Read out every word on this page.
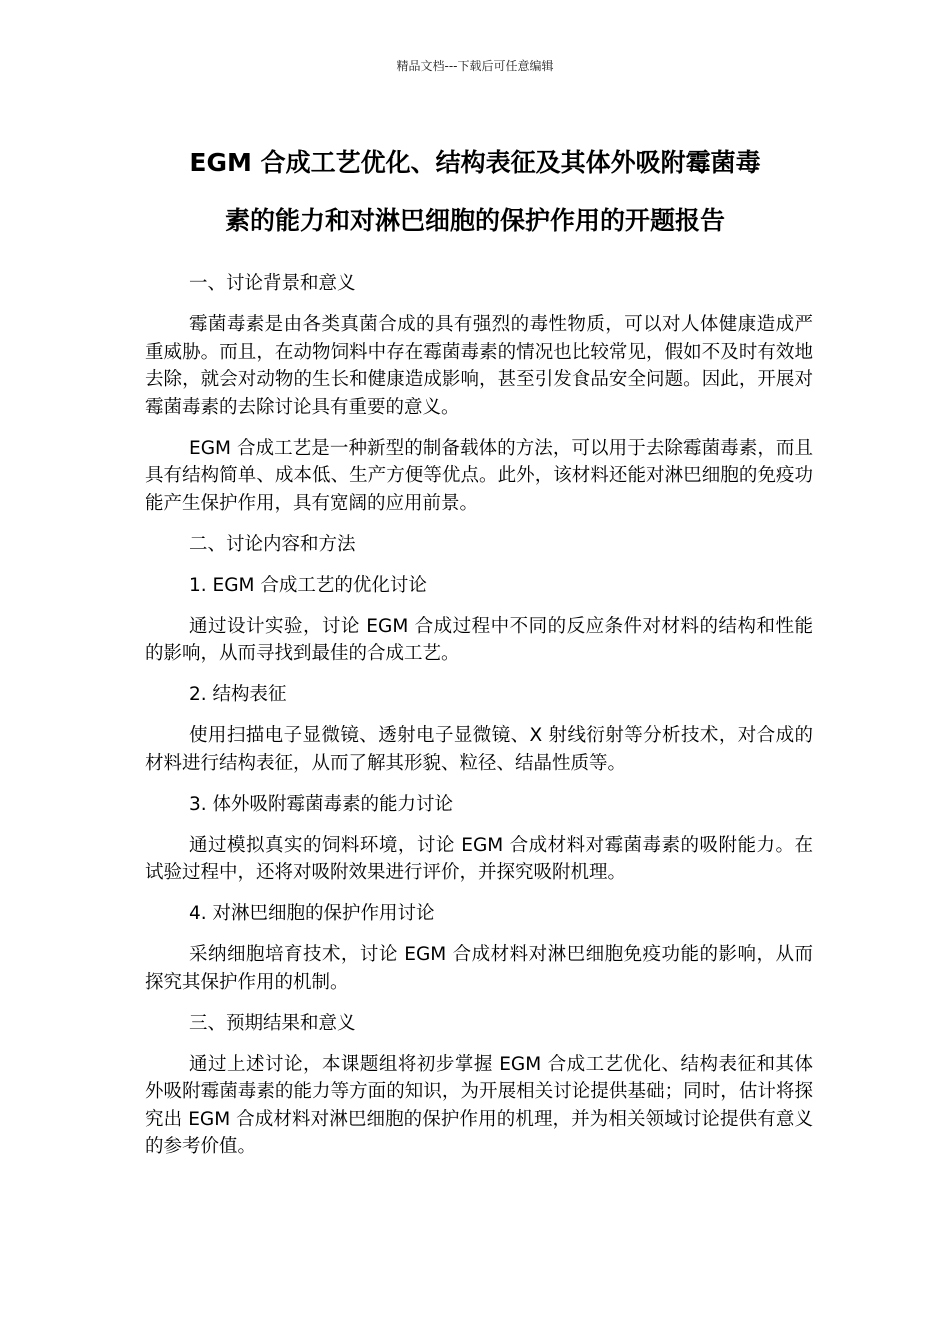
精品文档---下载后可任意编辑
EGM 合成工艺优化、结构表征及其体外吸附霉菌毒
素的能力和对淋巴细胞的保护作用的开题报告

一、讨论背景和意义

霉菌毒素是由各类真菌合成的具有强烈的毒性物质，可以对人体健康造成严重威胁。而且，在动物饲料中存在霉菌毒素的情况也比较常见，假如不及时有效地去除，就会对动物的生长和健康造成影响，甚至引发食品安全问题。因此，开展对霉菌毒素的去除讨论具有重要的意义。

EGM 合成工艺是一种新型的制备载体的方法，可以用于去除霉菌毒素，而且具有结构简单、成本低、生产方便等优点。此外，该材料还能对淋巴细胞的免疫功能产生保护作用，具有宽阔的应用前景。

二、讨论内容和方法

1. EGM 合成工艺的优化讨论

通过设计实验，讨论 EGM 合成过程中不同的反应条件对材料的结构和性能的影响，从而寻找到最佳的合成工艺。

2. 结构表征

使用扫描电子显微镜、透射电子显微镜、X 射线衍射等分析技术，对合成的材料进行结构表征，从而了解其形貌、粒径、结晶性质等。

3. 体外吸附霉菌毒素的能力讨论

通过模拟真实的饲料环境，讨论 EGM 合成材料对霉菌毒素的吸附能力。在试验过程中，还将对吸附效果进行评价，并探究吸附机理。

4. 对淋巴细胞的保护作用讨论

采纳细胞培育技术，讨论 EGM 合成材料对淋巴细胞免疫功能的影响，从而探究其保护作用的机制。

三、预期结果和意义

通过上述讨论，本课题组将初步掌握 EGM 合成工艺优化、结构表征和其体外吸附霉菌毒素的能力等方面的知识，为开展相关讨论提供基础；同时，估计将探究出 EGM 合成材料对淋巴细胞的保护作用的机理，并为相关领域讨论提供有意义的参考价值。
